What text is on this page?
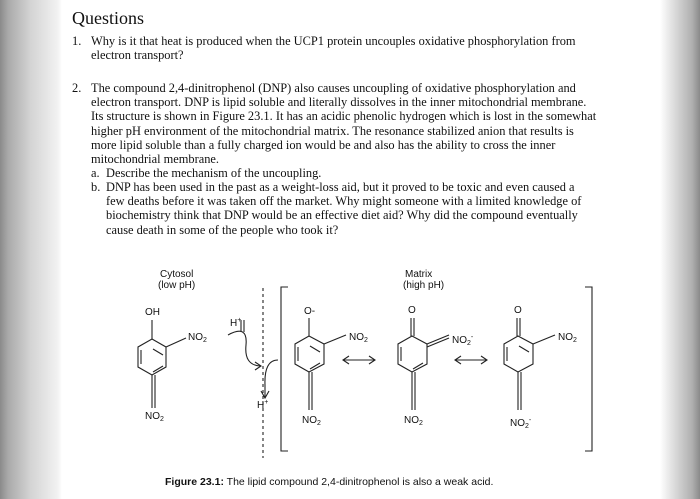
Questions
1. Why is it that heat is produced when the UCP1 protein uncouples oxidative phosphorylation from
electron transport?
2. The compound 2,4-dinitrophenol (DNP) also causes uncoupling of oxidative phosphorylation and
electron transport. DNP is lipid soluble and literally dissolves in the inner mitochondrial membrane.
Its structure is shown in Figure 23.1. It has an acidic phenolic hydrogen which is lost in the somewhat
higher pH environment of the mitochondrial matrix. The resonance stabilized anion that results is
more lipid soluble than a fully charged ion would be and also has the ability to cross the inner
mitochondrial membrane.
a. Describe the mechanism of the uncoupling.
b. DNP has been used in the past as a weight-loss aid, but it proved to be toxic and even caused a
few deaths before it was taken off the market. Why might someone with a limited knowledge of
biochemistry think that DNP would be an effective diet aid? Why did the compound eventually
cause death in some of the people who took it?
Cytosol
(low pH)
Matrix
(high pH)
OH
$NO_2$
$NO_2$
H+
H+
O-
$NO_2$
$NO_2$
O
$NO_2^-$
$NO_2$
O
$NO_2$
$NO_2^-$
Figure 23.1: The lipid compound 2,4-dinitrophenol is also a weak acid.
